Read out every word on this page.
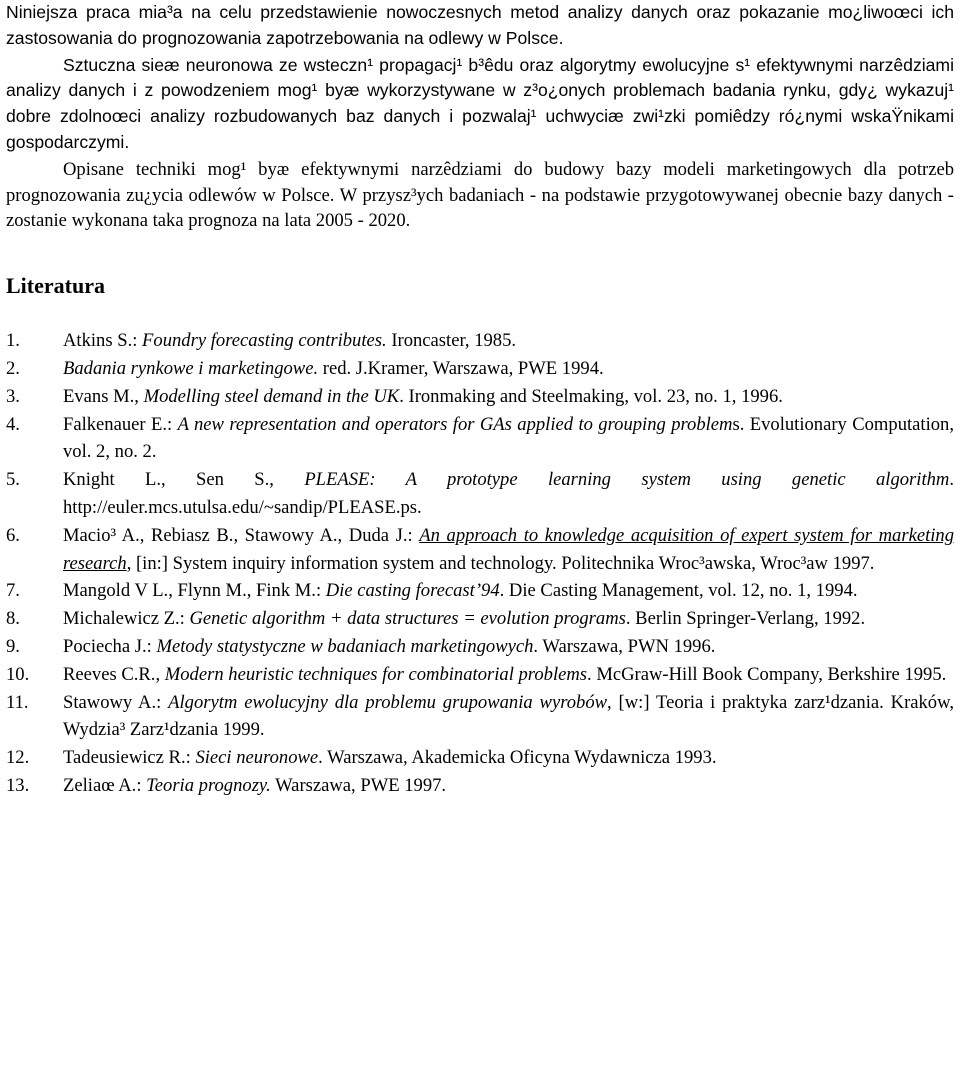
Niniejsza praca mia³a na celu przedstawienie nowoczesnych metod analizy danych oraz pokazanie mo¿liwoœci ich zastosowania do prognozowania zapotrzebowania na odlewy w Polsce.

Sztuczna sieæ neuronowa ze wsteczn¹ propagacj¹ b³êdu oraz algorytmy ewolucyjne s¹ efektywnymi narzêdziami analizy danych i z powodzeniem mog¹ byæ wykorzystywane w z³o¿onych problemach badania rynku, gdy¿ wykazuj¹ dobre zdolnoœci analizy rozbudowanych baz danych i pozwalaj¹ uchwyciæ zwi¹zki pomiêdzy ró¿nymi wskaŸnikami gospodarczymi.

Opisane techniki mog¹ byæ efektywnymi narzêdziami do budowy bazy modeli marketingowych dla potrzeb prognozowania zu¿ycia odlewów w Polsce. W przysz³ych badaniach - na podstawie przygotowywanej obecnie bazy danych - zostanie wykonana taka prognoza na lata 2005 - 2020.

Literatura
1. Atkins S.: Foundry forecasting contributes. Ironcaster, 1985.
2. Badania rynkowe i marketingowe. red. J.Kramer, Warszawa, PWE 1994.
3. Evans M., Modelling steel demand in the UK. Ironmaking and Steelmaking, vol. 23, no. 1, 1996.
4. Falkenauer E.: A new representation and operators for GAs applied to grouping problems. Evolutionary Computation, vol. 2, no. 2.
5. Knight L., Sen S., PLEASE: A prototype learning system using genetic algorithm. http://euler.mcs.utulsa.edu/~sandip/PLEASE.ps.
6. Macio³ A., Rebiasz B., Stawowy A., Duda J.: An approach to knowledge acquisition of expert system for marketing research, [in:] System inquiry information system and technology. Politechnika Wroc³awska, Wroc³aw 1997.
7. Mangold V L., Flynn M., Fink M.: Die casting forecast’94. Die Casting Management, vol. 12, no. 1, 1994.
8. Michalewicz Z.: Genetic algorithm + data structures = evolution programs. Berlin Springer-Verlang, 1992.
9. Pociecha J.: Metody statystyczne w badaniach marketingowych. Warszawa, PWN 1996.
10. Reeves C.R., Modern heuristic techniques for combinatorial problems. McGraw-Hill Book Company, Berkshire 1995.
11. Stawowy A.: Algorytm ewolucyjny dla problemu grupowania wyrobów, [w:] Teoria i praktyka zarz¹dzania. Kraków, Wydzia³ Zarz¹dzania 1999.
12. Tadeusiewicz R.: Sieci neuronowe. Warszawa, Akademicka Oficyna Wydawnicza 1993.
13. Zeliaœ A.: Teoria prognozy. Warszawa, PWE 1997.
